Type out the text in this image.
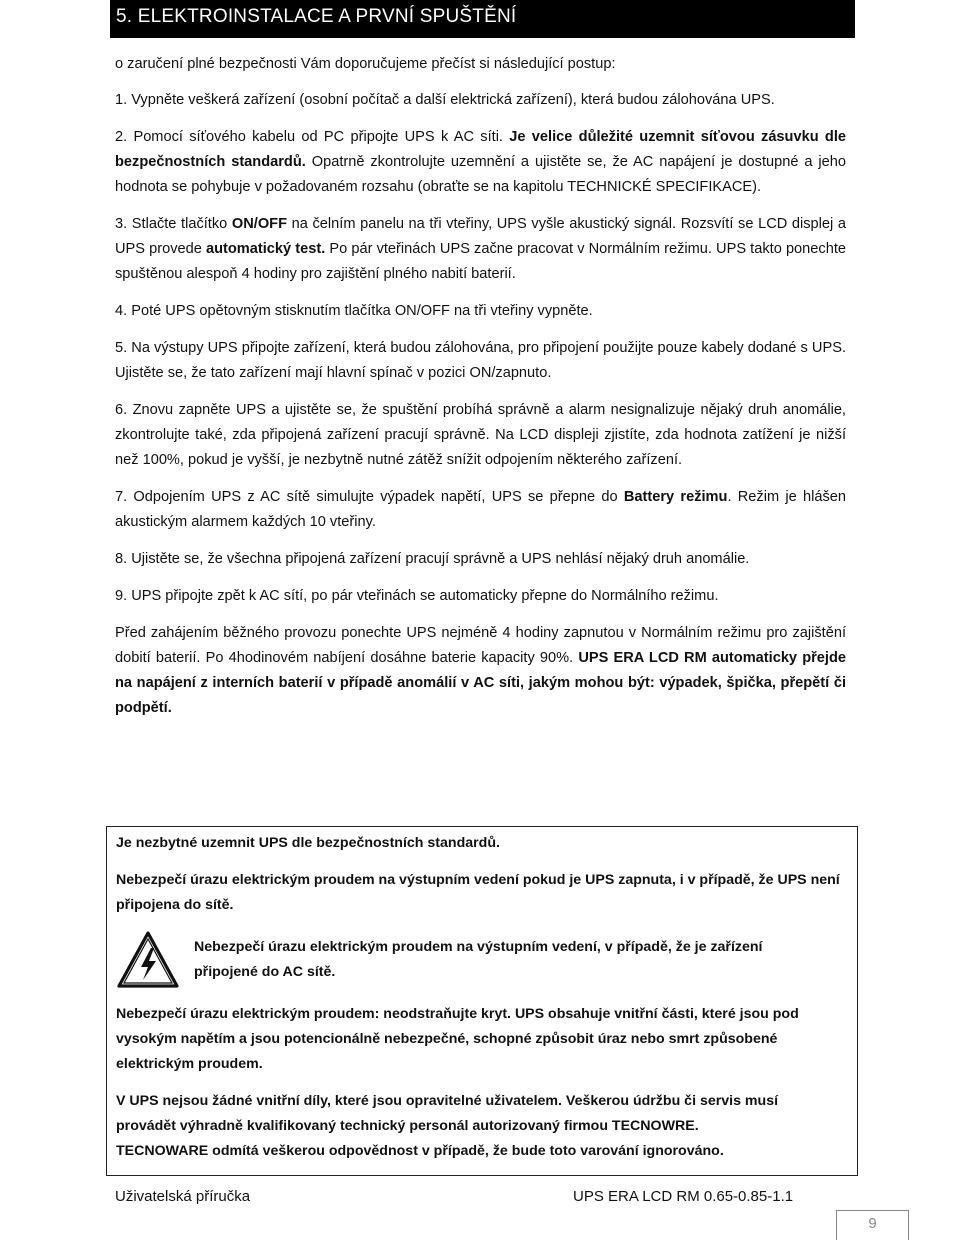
5. ELEKTROINSTALACE A PRVNÍ SPUŠTĚNÍ

o zaručení plné bezpečnosti Vám doporučujeme přečíst si následující postup:

1. Vypněte veškerá zařízení (osobní počítač a další elektrická zařízení), která budou zálohována UPS.

2. Pomocí síťového kabelu od PC připojte UPS k AC síti. Je velice důležité uzemnit síťovou zásuvku dle bezpečnostních standardů. Opatrně zkontrolujte uzemnění a ujistěte se, že AC napájení je dostupné a jeho hodnota se pohybuje v požadovaném rozsahu (obraťte se na kapitolu TECHNICKÉ SPECIFIKACE).

3. Stlačte tlačítko ON/OFF na čelním panelu na tři vteřiny, UPS vyšle akustický signál. Rozsvítí se LCD displej a UPS provede automatický test. Po pár vteřinách UPS začne pracovat v Normálním režimu. UPS takto ponechte spuštěnou alespoň 4 hodiny pro zajištění plného nabití baterií.

4. Poté UPS opětovným stisknutím tlačítka ON/OFF na tři vteřiny vypněte.

5. Na výstupy UPS připojte zařízení, která budou zálohována, pro připojení použijte pouze kabely dodané s UPS. Ujistěte se, že tato zařízení mají hlavní spínač v pozici ON/zapnuto.

6. Znovu zapněte UPS a ujistěte se, že spuštění probíhá správně a alarm nesignalizuje nějaký druh anomálie, zkontrolujte také, zda připojená zařízení pracují správně. Na LCD displeji zjistíte, zda hodnota zatížení je nižší než 100%, pokud je vyšší, je nezbytně nutné zátěž snížit odpojením některého zařízení.

7. Odpojením UPS z AC sítě simulujte výpadek napětí, UPS se přepne do Battery režimu. Režim je hlášen akustickým alarmem každých 10 vteřiny.

8. Ujistěte se, že všechna připojená zařízení pracují správně a UPS nehlásí nějaký druh anomálie.

9. UPS připojte zpět k AC sítí, po pár vteřinách se automaticky přepne do Normálního režimu.

Před zahájením běžného provozu ponechte UPS nejméně 4 hodiny zapnutou v Normálním režimu pro zajištění dobití baterií. Po 4hodinovém nabíjení dosáhne baterie kapacity 90%. UPS ERA LCD RM automaticky přejde na napájení z interních baterií v případě anomálií v AC síti, jakým mohou být: výpadek, špička, přepětí či podpětí.

Je nezbytné uzemnit UPS dle bezpečnostních standardů.

Nebezpečí úrazu elektrickým proudem na výstupním vedení pokud je UPS zapnuta, i v případě, že UPS není připojena do sítě.

Nebezpečí úrazu elektrickým proudem na výstupním vedení, v případě, že je zařízení připojené do AC sítě.

Nebezpečí úrazu elektrickým proudem: neodstraňujte kryt. UPS obsahuje vnitřní části, které jsou pod vysokým napětím a jsou potencionálně nebezpečné, schopné způsobit úraz nebo smrt způsobené elektrickým proudem.

V UPS nejsou žádné vnitřní díly, které jsou opravitelné uživatelem. Veškerou údržbu či servis musí provádět výhradně kvalifikovaný technický personál autorizovaný firmou TECNOWRE.
TECNOWARE odmítá veškerou odpovědnost v případě, že bude toto varování ignorováno.

Uživatelská příručka	UPS ERA LCD RM 0.65-0.85-1.1
9
